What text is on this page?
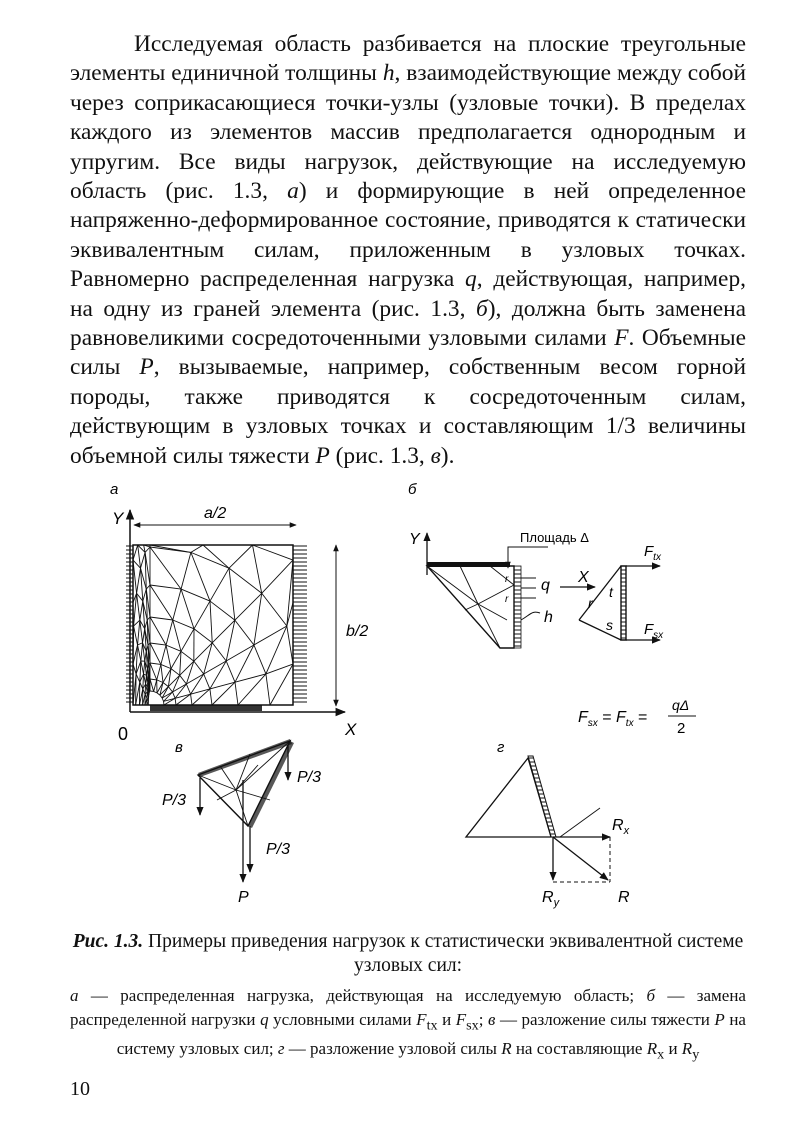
Исследуемая область разбивается на плоские треугольные элементы единичной толщины h, взаимодействующие между собой через соприкасающиеся точки-узлы (узловые точки). В пределах каждого из элементов массив предполагается однородным и упругим. Все виды нагрузок, действующие на исследуемую область (рис. 1.3, а) и формирующие в ней определенное напряженно-деформированное состояние, приводятся к статически эквивалентным силам, приложенным в узловых точках. Равномерно распределенная нагрузка q, действующая, например, на одну из граней элемента (рис. 1.3, б), должна быть заменена равновеликими сосредоточенными узловыми силами F. Объемные силы P, вызываемые, например, собственным весом горной породы, также приводятся к сосредоточенным силам, действующим в узловых точках и составляющим 1/3 величины объемной силы тяжести P (рис. 1.3, в).
а
Y
X
0
a/2
b/2
б
Y
X
Площадь Δ
q
h
r
r	t
r
s
$F_{tx}$
$F_{sx}$
$F_{sx} = F_{tx}$ =
qΔ
2
в
P/3
P/3
P/3
P
г
$R_x$
$R_y$	R
Рис. 1.3. Примеры приведения нагрузок к статистически эквивалентной системе узловых сил:
а — распределенная нагрузка, действующая на исследуемую область; б — замена распределенной нагрузки q условными силами $F_{tx}$ и $F_{sx}$; в — разложение силы тяжести P на систему узловых сил; г — разложение узловой силы R на составляющие $R_x$ и $R_y$
10
